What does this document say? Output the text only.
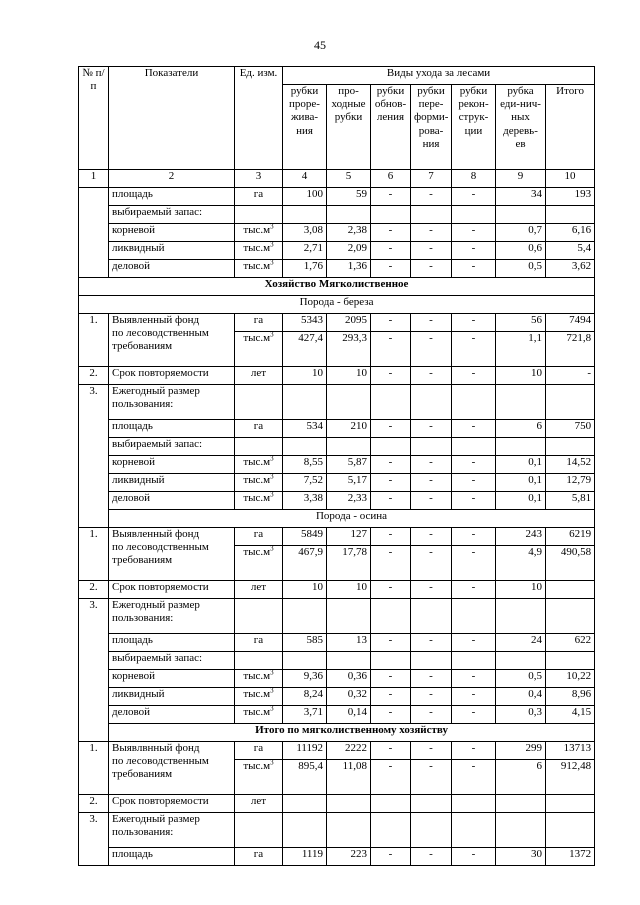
45
№ п/п	Показатели	Ед. изм.	Виды ухода за лесами						
			рубки проре-жива-ния	про-ходные рубки	рубки обнов-ления	рубки пере-форми-рова-ния	рубки рекон-струк-ции	рубка еди-нич-ных деревь-ев	Итого
1	2	3	4	5	6	7	8	9	10
	площадь	га	100	59	-	-	-	34	193
	выбираемый запас:								
	корневой	$тыс.м^3$	3,08	2,38	-	-	-	0,7	6,16
	ликвидный	$тыс.м^3$	2,71	2,09	-	-	-	0,6	5,4
	деловой	$тыс.м^3$	1,76	1,36	-	-	-	0,5	3,62
Хозяйство Мягколиственное									
Порода - береза									
1.	Выявленный фонд
по лесоводственным
требованиям	га	5343	2095	-	-	-	56	7494
		$тыс.м^3$	427,4	293,3	-	-	-	1,1	721,8
2.	Срок повторяемости	лет	10	10	-	-	-	10	-
3.	Ежегодный размер
пользования:								

	площадь	га	534	210	-	-	-	6	750
	выбираемый запас:								
	корневой	$тыс.м^3$	8,55	5,87	-	-	-	0,1	14,52
	ликвидный	$тыс.м^3$	7,52	5,17	-	-	-	0,1	12,79
	деловой	$тыс.м^3$	3,38	2,33	-	-	-	0,1	5,81
	Порода - осина								
1.	Выявленный фонд
по лесоводственным
требованиям	га	5849	127	-	-	-	243	6219
		$тыс.м^3$	467,9	17,78	-	-	-	4,9	490,58
2.	Срок повторяемости	лет	10	10	-	-	-	10	
3.	Ежегодный размер
пользования:								

	площадь	га	585	13	-	-	-	24	622
	выбираемый запас:								
	корневой	$тыс.м^3$	9,36	0,36	-	-	-	0,5	10,22
	ликвидный	$тыс.м^3$	8,24	0,32	-	-	-	0,4	8,96
	деловой	$тыс.м^3$	3,71	0,14	-	-	-	0,3	4,15
	Итого по мягколиственному хозяйству								
1.	Выявлвнный фонд
по лесоводственным
требованиям	га	11192	2222	-	-	-	299	13713
		$тыс.м^3$	895,4	11,08	-	-	-	6	912,48
2.	Срок повторяемости	лет							
3.	Ежегодный размер
пользования:								

	площадь	га	1119	223	-	-	-	30	1372
